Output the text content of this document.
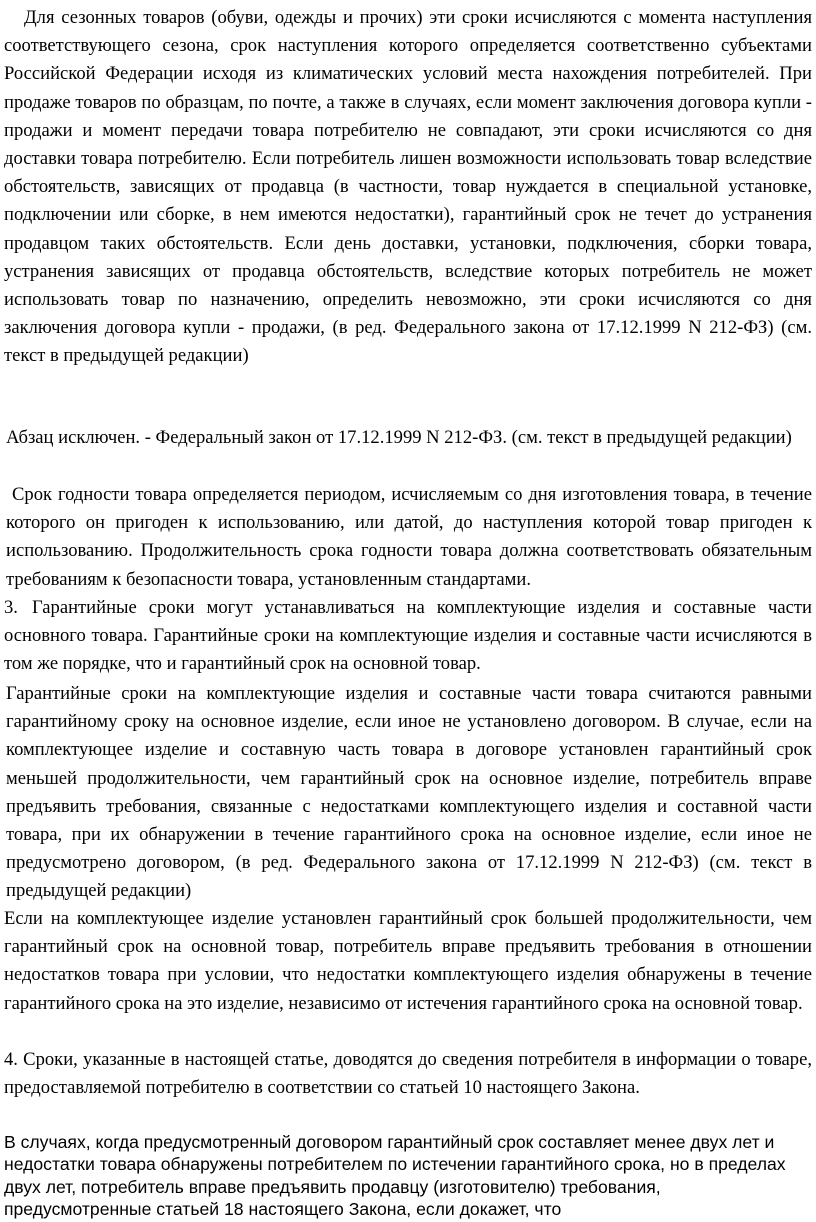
Для сезонных товаров (обуви, одежды и прочих) эти сроки исчисляются с момента наступления соответствующего сезона, срок наступления которого определяется соответственно субъектами Российской Федерации исходя из климатических условий места нахождения потребителей. При продаже товаров по образцам, по почте, а также в случаях, если момент заключения договора купли - продажи и момент передачи товара потребителю не совпадают, эти сроки исчисляются со дня доставки товара потребителю. Если потребитель лишен возможности использовать товар вследствие обстоятельств, зависящих от продавца (в частности, товар нуждается в специальной установке, подключении или сборке, в нем имеются недостатки), гарантийный срок не течет до устранения продавцом таких обстоятельств. Если день доставки, установки, подключения, сборки товара, устранения зависящих от продавца обстоятельств, вследствие которых потребитель не может использовать товар по назначению, определить невозможно, эти сроки исчисляются со дня заключения договора купли - продажи, (в ред. Федерального закона от 17.12.1999 N 212-ФЗ) (см. текст в предыдущей редакции)

Абзац исключен. - Федеральный закон от 17.12.1999 N 212-ФЗ. (см. текст в предыдущей редакции)

Срок годности товара определяется периодом, исчисляемым со дня изготовления товара, в течение которого он пригоден к использованию, или датой, до наступления которой товар пригоден к использованию. Продолжительность срока годности товара должна соответствовать обязательным требованиям к безопасности товара, установленным стандартами.

3. Гарантийные сроки могут устанавливаться на комплектующие изделия и составные части основного товара. Гарантийные сроки на комплектующие изделия и составные части исчисляются в том же порядке, что и гарантийный срок на основной товар.

Гарантийные сроки на комплектующие изделия и составные части товара считаются равными гарантийному сроку на основное изделие, если иное не установлено договором. В случае, если на комплектующее изделие и составную часть товара в договоре установлен гарантийный срок меньшей продолжительности, чем гарантийный срок на основное изделие, потребитель вправе предъявить требования, связанные с недостатками комплектующего изделия и составной части товара, при их обнаружении в течение гарантийного срока на основное изделие, если иное не предусмотрено договором, (в ред. Федерального закона от 17.12.1999 N 212-ФЗ) (см. текст в предыдущей редакции)

Если на комплектующее изделие установлен гарантийный срок большей продолжительности, чем гарантийный срок на основной товар, потребитель вправе предъявить требования в отношении недостатков товара при условии, что недостатки комплектующего изделия обнаружены в течение гарантийного срока на это изделие, независимо от истечения гарантийного срока на основной товар.

4. Сроки, указанные в настоящей статье, доводятся до сведения потребителя в информации о товаре, предоставляемой потребителю в соответствии со статьей 10 настоящего Закона.

В случаях, когда предусмотренный договором гарантийный срок составляет менее двух лет и недостатки товара обнаружены потребителем по истечении гарантийного срока, но в пределах двух лет, потребитель вправе предъявить продавцу (изготовителю) требования, предусмотренные статьей 18 настоящего Закона, если докажет, что
